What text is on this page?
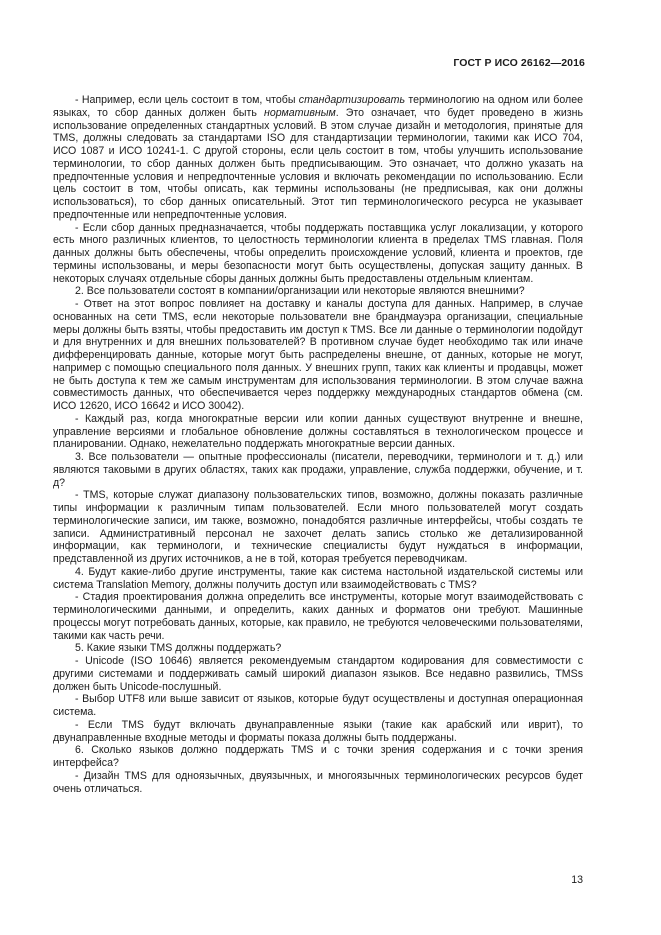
ГОСТ Р ИСО 26162—2016

- Например, если цель состоит в том, чтобы стандартизировать терминологию на одном или более языках, то сбор данных должен быть нормативным. Это означает, что будет проведено в жизнь использование определенных стандартных условий. В этом случае дизайн и методология, принятые для TMS, должны следовать за стандартами ISO для стандартизации терминологии, такими как ИСО 704, ИСО 1087 и ИСО 10241-1. С другой стороны, если цель состоит в том, чтобы улучшить использование терминологии, то сбор данных должен быть предписывающим. Это означает, что должно указать на предпочтенные условия и непредпочтенные условия и включать рекомендации по использованию. Если цель состоит в том, чтобы описать, как термины использованы (не предписывая, как они должны использоваться), то сбор данных описательный. Этот тип терминологического ресурса не указывает предпочтенные или непредпочтенные условия.

- Если сбор данных предназначается, чтобы поддержать поставщика услуг локализации, у которого есть много различных клиентов, то целостность терминологии клиента в пределах TMS главная. Поля данных должны быть обеспечены, чтобы определить происхождение условий, клиента и проектов, где термины использованы, и меры безопасности могут быть осуществлены, допуская защиту данных. В некоторых случаях отдельные сборы данных должны быть предоставлены отдельным клиентам.

2. Все пользователи состоят в компании/организации или некоторые являются внешними?

- Ответ на этот вопрос повлияет на доставку и каналы доступа для данных. Например, в случае основанных на сети TMS, если некоторые пользователи вне брандмауэра организации, специальные меры должны быть взяты, чтобы предоставить им доступ к TMS. Все ли данные о терминологии подойдут и для внутренних и для внешних пользователей? В противном случае будет необходимо так или иначе дифференцировать данные, которые могут быть распределены внешне, от данных, которые не могут, например с помощью специального поля данных. У внешних групп, таких как клиенты и продавцы, может не быть доступа к тем же самым инструментам для использования терминологии. В этом случае важна совместимость данных, что обеспечивается через поддержку международных стандартов обмена (см. ИСО 12620, ИСО 16642 и ИСО 30042).

- Каждый раз, когда многократные версии или копии данных существуют внутренне и внешне, управление версиями и глобальное обновление должны составляться в технологическом процессе и планировании. Однако, нежелательно поддержать многократные версии данных.

3. Все пользователи — опытные профессионалы (писатели, переводчики, терминологи и т. д.) или являются таковыми в других областях, таких как продажи, управление, служба поддержки, обучение, и т. д?

- TMS, которые служат диапазону пользовательских типов, возможно, должны показать различные типы информации к различным типам пользователей. Если много пользователей могут создать терминологические записи, им также, возможно, понадобятся различные интерфейсы, чтобы создать те записи. Административный персонал не захочет делать запись столько же детализированной информации, как терминологи, и технические специалисты будут нуждаться в информации, представленной из других источников, а не в той, которая требуется переводчикам.

4. Будут какие-либо другие инструменты, такие как система настольной издательской системы или система Translation Memory, должны получить доступ или взаимодействовать с TMS?

- Стадия проектирования должна определить все инструменты, которые могут взаимодействовать с терминологическими данными, и определить, каких данных и форматов они требуют. Машинные процессы могут потребовать данных, которые, как правило, не требуются человеческими пользователями, такими как часть речи.

5. Какие языки TMS должны поддержать?

- Unicode (ISO 10646) является рекомендуемым стандартом кодирования для совместимости с другими системами и поддерживать самый широкий диапазон языков. Все недавно развились, TMSs должен быть Unicode-послушный.

- Выбор UTF8 или выше зависит от языков, которые будут осуществлены и доступная операционная система.

- Если TMS будут включать двунаправленные языки (такие как арабский или иврит), то двунаправленные входные методы и форматы показа должны быть поддержаны.

6. Сколько языков должно поддержать TMS и с точки зрения содержания и с точки зрения интерфейса?

- Дизайн TMS для одноязычных, двуязычных, и многоязычных терминологических ресурсов будет очень отличаться.

13
